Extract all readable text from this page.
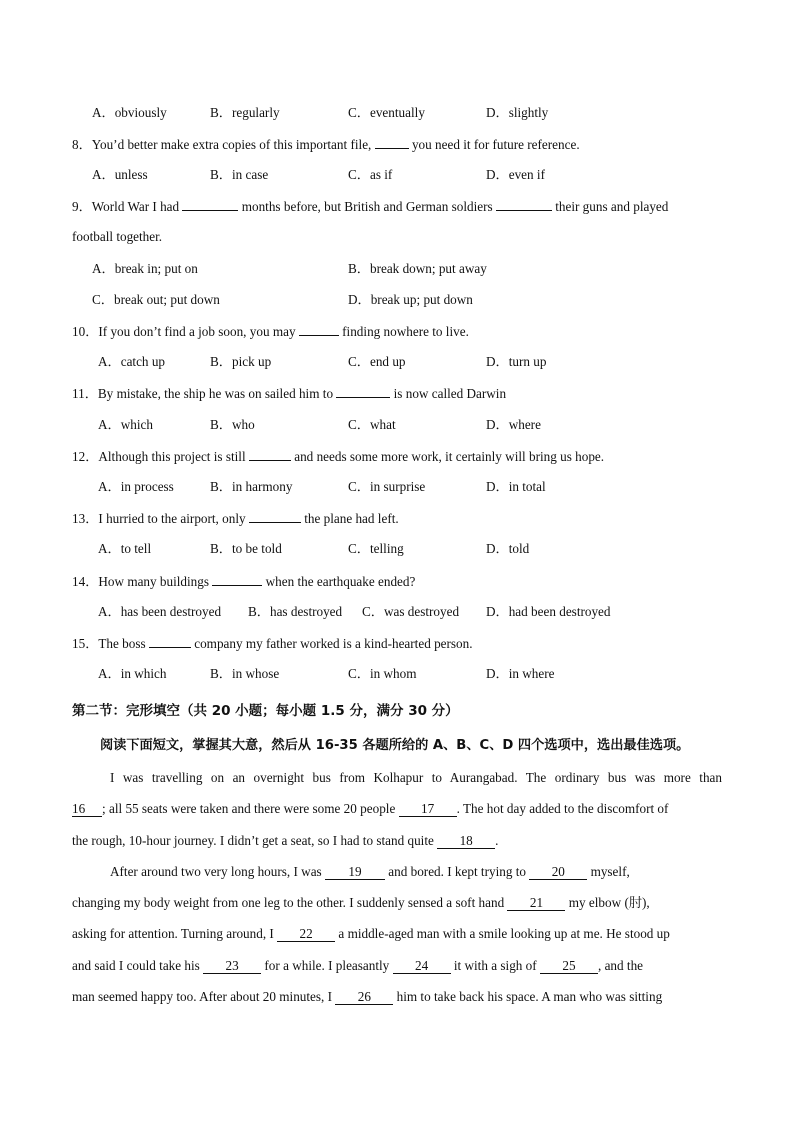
A．obviously	B．regularly	C．eventually	D．slightly
8．You’d better make extra copies of this important file,	you need it for future reference.
A．unless	B．in case	C．as if	D．even if
9．World War I had	months before, but British and German soldiers	their guns and played
football together.
A．break in; put on	B．break down; put away
C．break out; put down	D．break up; put down
10．If you don’t find a job soon, you may	finding nowhere to live.
A．catch up	B．pick up	C．end up	D．turn up
11．By mistake, the ship he was on sailed him to	is now called Darwin
A．which	B．who	C．what	D．where
12．Although this project is still	and needs some more work, it certainly will bring us hope.
A．in process	B．in harmony	C．in surprise	D．in total
13．I hurried to the airport, only	the plane had left.
A．to tell	B．to be told	C．telling	D．told
14．How many buildings	when the earthquake ended?
A．has been destroyed B．has destroyed C．was destroyed D．had been destroyed
15．The boss	company my father worked is a kind-hearted person.
A．in which	B．in whose	C．in whom	D．in where
第二节：完形填空（共 20 小题；每小题 1.5 分，满分 30 分）
阅读下面短文，掌握其大意，然后从 16-35 各题所给的 A、B、C、D 四个选项中，选出最佳选项。
I was travelling on an overnight bus from Kolhapur to Aurangabad. The ordinary bus was more than
16 ; all 55 seats were taken and there were some 20 people 17 . The hot day added to the discomfort of
the rough, 10-hour journey. I didn’t get a seat, so I had to stand quite 18 .
After around two very long hours, I was 19 and bored. I kept trying to 20 myself,
changing my body weight from one leg to the other. I suddenly sensed a soft hand 21 my elbow (肘),
asking for attention. Turning around, I 22 a middle-aged man with a smile looking up at me. He stood up
and said I could take his 23 for a while. I pleasantly 24 it with a sigh of 25 , and the
man seemed happy too. After about 20 minutes, I 26 him to take back his space. A man who was sitting
